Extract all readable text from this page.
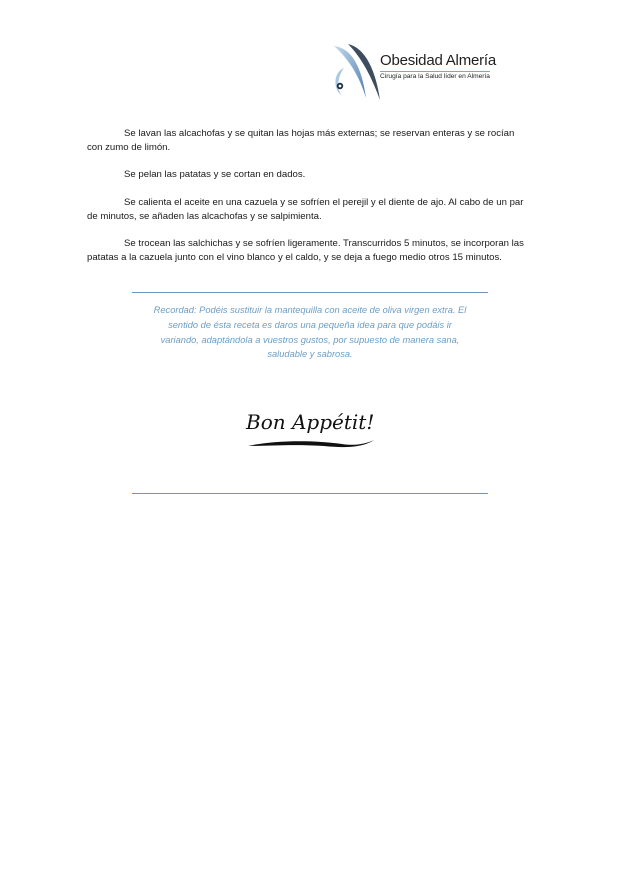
Obesidad Almería
Cirugía para la Salud líder en Almería

Se lavan las alcachofas y se quitan las hojas más externas; se reservan enteras y se rocían con zumo de limón.

Se pelan las patatas y se cortan en dados.

Se calienta el aceite en una cazuela y se sofríen el perejil y el diente de ajo. Al cabo de un par de minutos, se añaden las alcachofas y se salpimienta.

Se trocean las salchichas y se sofríen ligeramente. Transcurridos 5 minutos, se incorporan las patatas a la cazuela junto con el vino blanco y el caldo, y se deja a fuego medio otros 15 minutos.

Recordad: Podéis sustituir la mantequilla con aceite de oliva virgen extra. El
sentido de ésta receta es daros una pequeña idea para que podáis ir
variando, adaptándola a vuestros gustos, por supuesto de manera sana,
saludable y sabrosa.
Bon Appétit!
